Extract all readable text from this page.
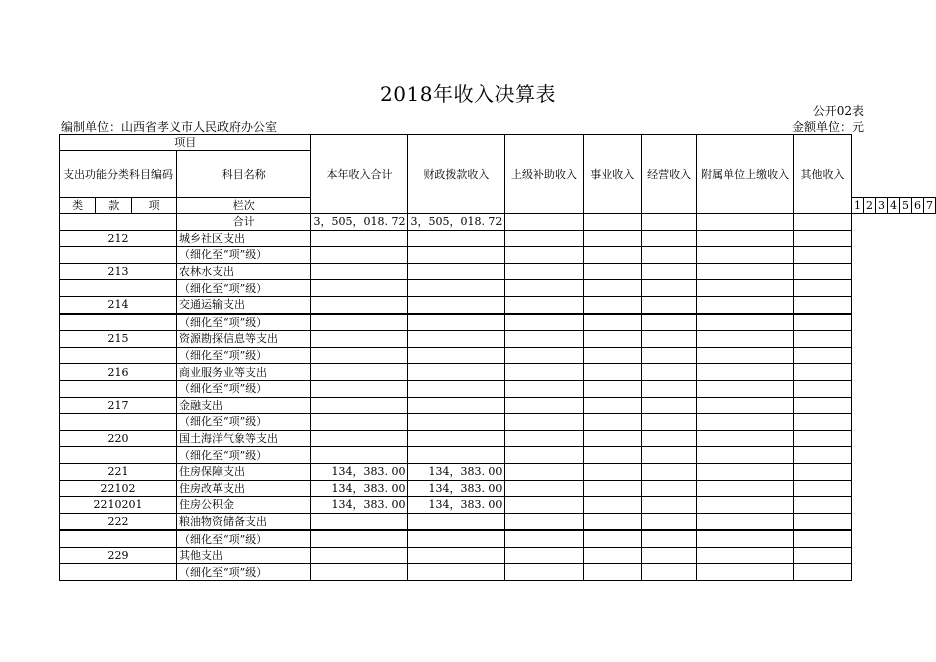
2018年收入决算表
公开02表
编制单位：山西省孝义市人民政府办公室	金额单位：元
项目				本年收入合计	财政拨款收入	上级补助收入	事业收入	经营收入	附属单位上缴收入	其他收入							
支出功能分类科目编码			科目名称														
类	款	项	栏次								1	2	3	4	5	6	7
			合计	3，505，018. 72	3，505，018. 72												
212			城乡社区支出														
			（细化至“项”级）														
213			农林水支出														
			（细化至“项”级）														
214			交通运输支出														
			（细化至“项”级）														
215			资源勘探信息等支出														
			（细化至“项”级）														
216			商业服务业等支出														
			（细化至“项”级）														
217			金融支出														
			（细化至“项”级）														
220			国土海洋气象等支出														
			（细化至“项”级）														
221			住房保障支出	134，383. 00	134，383. 00												
22102			住房改革支出	134，383. 00	134，383. 00												
2210201			住房公积金	134，383. 00	134，383. 00												
222			粮油物资储备支出														
			（细化至“项”级）														
229			其他支出														
			（细化至“项”级）														
